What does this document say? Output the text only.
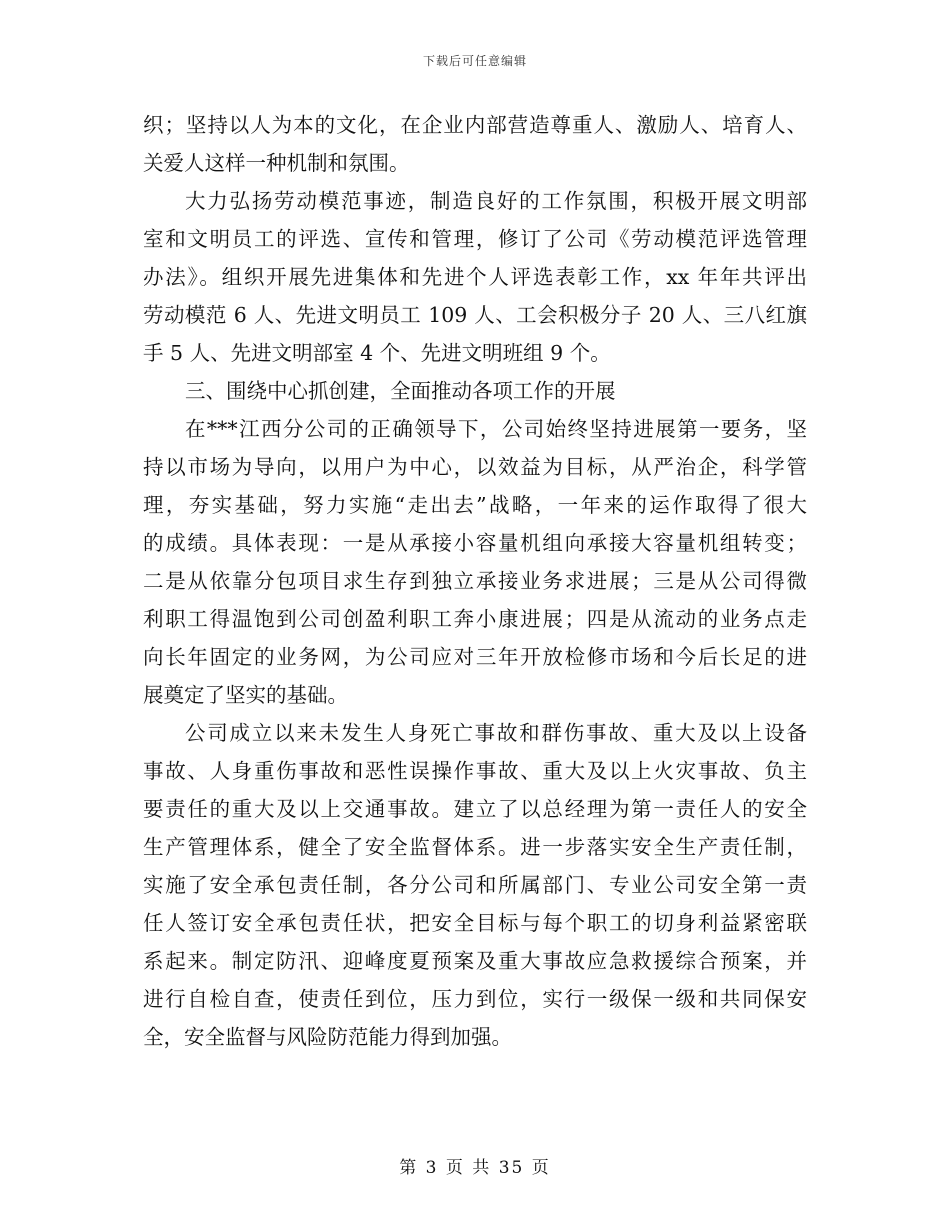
下载后可任意编辑
织；坚持以人为本的文化，在企业内部营造尊重人、激励人、培育人、
关爱人这样一种机制和氛围。
大力弘扬劳动模范事迹，制造良好的工作氛围，积极开展文明部
室和文明员工的评选、宣传和管理，修订了公司《劳动模范评选管理
办法》。组织开展先进集体和先进个人评选表彰工作，xx 年年共评出
劳动模范 6 人、先进文明员工 109 人、工会积极分子 20 人、三八红旗
手 5 人、先进文明部室 4 个、先进文明班组 9 个。
三、围绕中心抓创建，全面推动各项工作的开展
在***江西分公司的正确领导下，公司始终坚持进展第一要务，坚
持以市场为导向，以用户为中心，以效益为目标，从严治企，科学管
理，夯实基础，努力实施“走出去”战略，一年来的运作取得了很大
的成绩。具体表现：一是从承接小容量机组向承接大容量机组转变；
二是从依靠分包项目求生存到独立承接业务求进展；三是从公司得微
利职工得温饱到公司创盈利职工奔小康进展；四是从流动的业务点走
向长年固定的业务网，为公司应对三年开放检修市场和今后长足的进
展奠定了坚实的基础。
公司成立以来未发生人身死亡事故和群伤事故、重大及以上设备
事故、人身重伤事故和恶性误操作事故、重大及以上火灾事故、负主
要责任的重大及以上交通事故。建立了以总经理为第一责任人的安全
生产管理体系，健全了安全监督体系。进一步落实安全生产责任制，
实施了安全承包责任制，各分公司和所属部门、专业公司安全第一责
任人签订安全承包责任状，把安全目标与每个职工的切身利益紧密联
系起来。制定防汛、迎峰度夏预案及重大事故应急救援综合预案，并
进行自检自查，使责任到位，压力到位，实行一级保一级和共同保安
全，安全监督与风险防范能力得到加强。
第 3 页 共 35 页
